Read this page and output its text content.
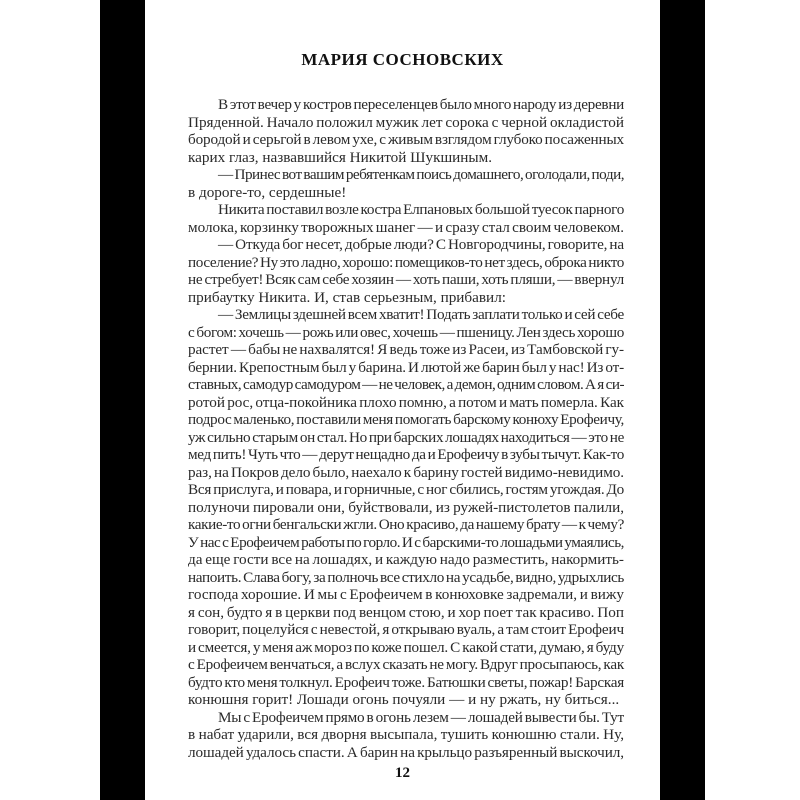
МАРИЯ СОСНОВСКИХ
В этот вечер у костров переселенцев было много народу из деревни
Пряденной. Начало положил мужик лет сорока с черной окладистой
бородой и серьгой в левом ухе, с живым взглядом глубоко посаженных
карих глаз, назвавшийся Никитой Шукшиным.
— Принес вот вашим ребятенкам поись домашнего, оголодали, поди,
в дороге-то, сердешные!
Никита поставил возле костра Елпановых большой туесок парного
молока, корзинку творожных шанег — и сразу стал своим человеком.
— Откуда бог несет, добрые люди? С Новгородчины, говорите, на
поселение? Ну это ладно, хорошо: помещиков-то нет здесь, оброка никто
не стребует! Всяк сам себе хозяин — хоть паши, хоть пляши, — ввернул
прибаутку Никита. И, став серьезным, прибавил:
— Землицы здешней всем хватит! Подать заплати только и сей себе
с богом: хочешь — рожь или овес, хочешь — пшеницу. Лен здесь хорошо
растет — бабы не нахвалятся! Я ведь тоже из Расеи, из Тамбовской гу-
бернии. Крепостным был у барина. И лютой же барин был у нас! Из от-
ставных, самодур самодуром — не человек, а демон, одним словом. А я си-
ротой рос, отца-покойника плохо помню, а потом и мать померла. Как
подрос маленько, поставили меня помогать барскому конюху Ерофеичу,
уж сильно старым он стал. Но при барских лошадях находиться — это не
мед пить! Чуть что — дерут нещадно да и Ерофеичу в зубы тычут. Как-то
раз, на Покров дело было, наехало к барину гостей видимо-невидимо.
Вся прислуга, и повара, и горничные, с ног сбились, гостям угождая. До
полуночи пировали они, буйствовали, из ружей-пистолетов палили,
какие-то огни бенгальски жгли. Оно красиво, да нашему брату — к чему?
У нас с Ерофеичем работы по горло. И с барскими-то лошадьми умаялись,
да еще гости все на лошадях, и каждую надо разместить, накормить-
напоить. Слава богу, за полночь все стихло на усадьбе, видно, удрыхлись
господа хорошие. И мы с Ерофеичем в конюховке задремали, и вижу
я сон, будто я в церкви под венцом стою, и хор поет так красиво. Поп
говорит, поцелуйся с невестой, я открываю вуаль, а там стоит Ерофеич
и смеется, у меня аж мороз по коже пошел. С какой стати, думаю, я буду
с Ерофеичем венчаться, а вслух сказать не могу. Вдруг просыпаюсь, как
будто кто меня толкнул. Ерофеич тоже. Батюшки светы, пожар! Барская
конюшня горит! Лошади огонь почуяли — и ну ржать, ну биться...
Мы с Ерофеичем прямо в огонь лезем — лошадей вывести бы. Тут
в набат ударили, вся дворня высыпала, тушить конюшню стали. Ну,
лошадей удалось спасти. А барин на крыльцо разъяренный выскочил,
12
